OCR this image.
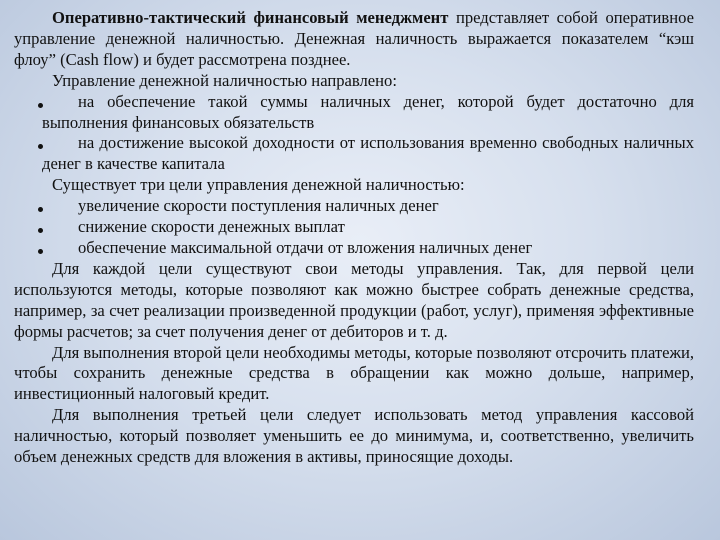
Оперативно-тактический финансовый менеджмент представляет собой оперативное управление денежной наличностью. Денежная наличность выражается показателем “кэш флоу” (Cash flow) и будет рассмотрена позднее.

Управление денежной наличностью направлено:

на обеспечение такой суммы наличных денег, которой будет достаточно для выполнения финансовых обязательств

на достижение высокой доходности от использования временно свободных наличных денег в качестве капитала

Существует три цели управления денежной наличностью:

увеличение скорости поступления наличных денег

снижение скорости денежных выплат

обеспечение максимальной отдачи от вложения наличных денег

Для каждой цели существуют свои методы управления. Так, для первой цели используются методы, которые позволяют как можно быстрее собрать денежные средства, например, за счет реализации произведенной продукции (работ, услуг), применяя эффективные формы расчетов; за счет получения денег от дебиторов и т. д.

Для выполнения второй цели необходимы методы, которые позволяют отсрочить платежи, чтобы сохранить денежные средства в обращении как можно дольше, например, инвестиционный налоговый кредит.

Для выполнения третьей цели следует использовать метод управления кассовой наличностью, который позволяет уменьшить ее до минимума, и, соответственно, увеличить объем денежных средств для вложения в активы, приносящие доходы.
